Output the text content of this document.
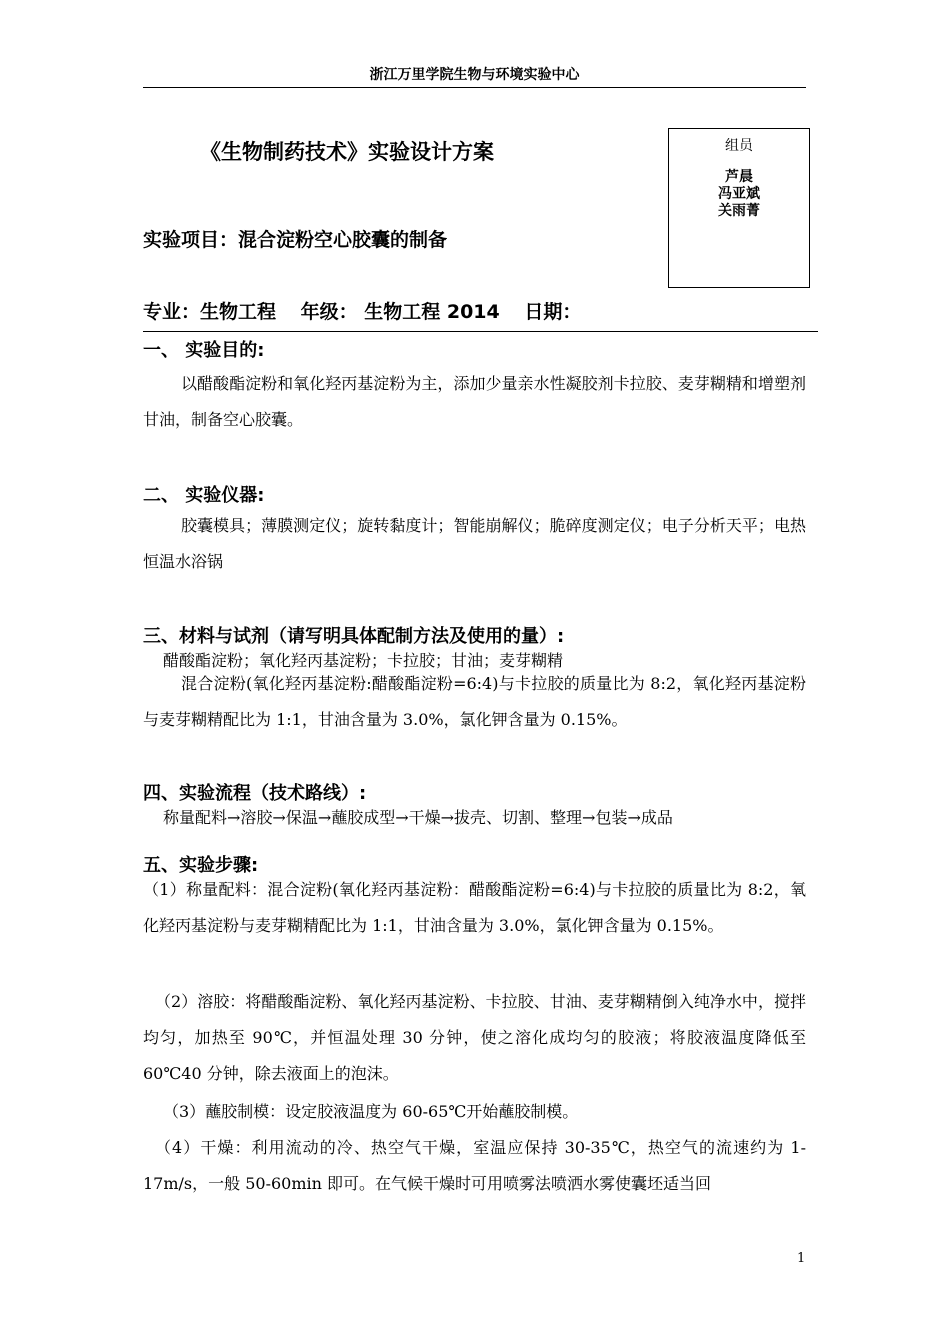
浙江万里学院生物与环境实验中心
《生物制药技术》实验设计方案	组员
芦晨
冯亚斌
关雨菁
实验项目：混合淀粉空心胶囊的制备
专业：生物工程 年级： 生物工程 2014 日期：
一、 实验目的:
以醋酸酯淀粉和氧化羟丙基淀粉为主，添加少量亲水性凝胶剂卡拉胶、麦芽糊精和增塑剂甘油，制备空心胶囊。
二、 实验仪器:
胶囊模具；薄膜测定仪；旋转黏度计；智能崩解仪；脆碎度测定仪；电子分析天平；电热恒温水浴锅
三、材料与试剂（请写明具体配制方法及使用的量）:
醋酸酯淀粉；氧化羟丙基淀粉；卡拉胶；甘油；麦芽糊精
混合淀粉(氧化羟丙基淀粉:醋酸酯淀粉=6:4)与卡拉胶的质量比为 8:2，氧化羟丙基淀粉与麦芽糊精配比为 1:1，甘油含量为 3.0%，氯化钾含量为 0.15%。
四、实验流程（技术路线）:
称量配料→溶胶→保温→蘸胶成型→干燥→拔壳、切割、整理→包装→成品
五、实验步骤:
（1）称量配料：混合淀粉(氧化羟丙基淀粉：醋酸酯淀粉=6:4)与卡拉胶的质量比为 8:2，氧化羟丙基淀粉与麦芽糊精配比为 1:1，甘油含量为 3.0%，氯化钾含量为 0.15%。
（2）溶胶：将醋酸酯淀粉、氧化羟丙基淀粉、卡拉胶、甘油、麦芽糊精倒入纯净水中，搅拌均匀，加热至 90℃，并恒温处理 30 分钟，使之溶化成均匀的胶液；将胶液温度降低至 60℃40 分钟，除去液面上的泡沫。
（3）蘸胶制模：设定胶液温度为 60-65℃开始蘸胶制模。
（4）干燥：利用流动的冷、热空气干燥，室温应保持 30-35℃，热空气的流速约为 1-17m/s，一般 50-60min 即可。在气候干燥时可用喷雾法喷洒水雾使囊坯适当回
1
